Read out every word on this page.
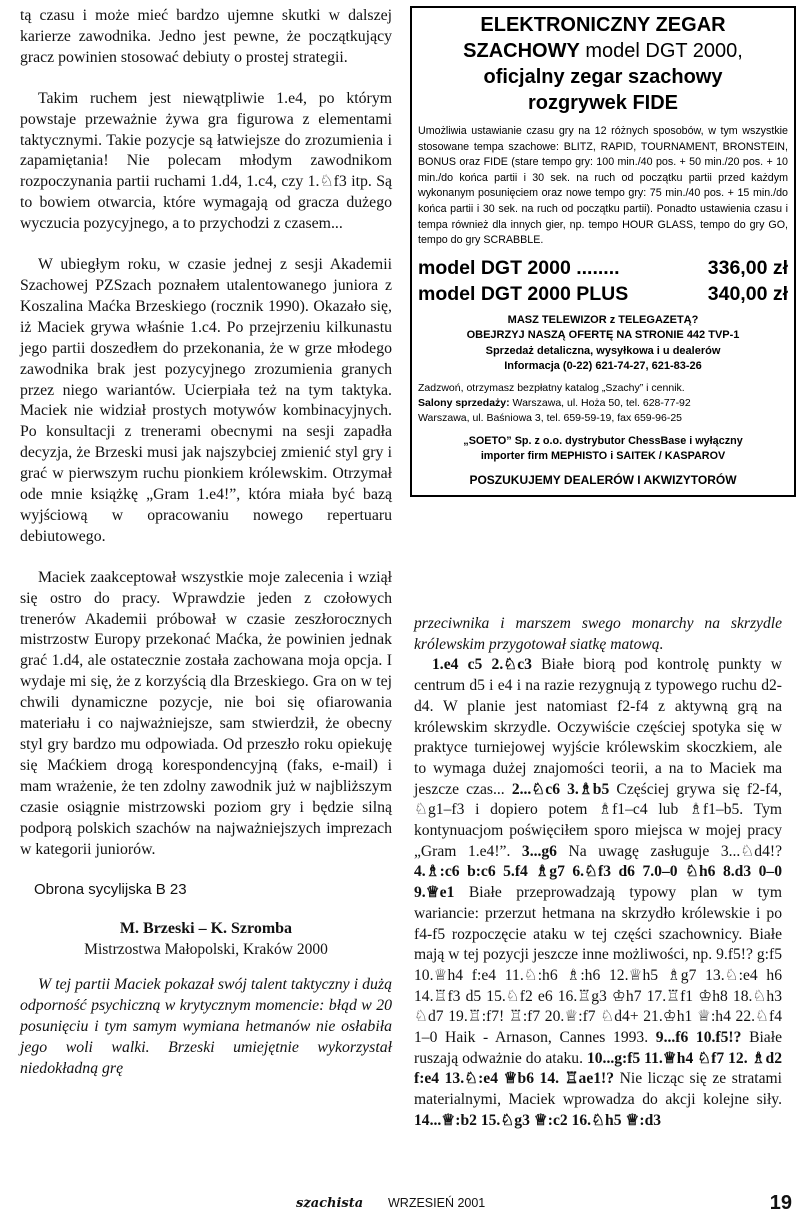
tą czasu i może mieć bardzo ujemne skutki w dalszej karierze zawodnika. Jedno jest pewne, że początkujący gracz powinien stosować debiuty o prostej strategii.

Takim ruchem jest niewątpliwie 1.e4, po którym powstaje przeważnie żywa gra figurowa z elementami taktycznymi. Takie pozycje są łatwiejsze do zrozumienia i zapamiętania! Nie polecam młodym zawodnikom rozpoczynania partii ruchami 1.d4, 1.c4, czy 1.♘f3 itp. Są to bowiem otwarcia, które wymagają od gracza dużego wyczucia pozycyjnego, a to przychodzi z czasem...

W ubiegłym roku, w czasie jednej z sesji Akademii Szachowej PZSzach poznałem utalentowanego juniora z Koszalina Maćka Brzeskiego (rocznik 1990). Okazało się, iż Maciek grywa właśnie 1.c4. Po przejrzeniu kilkunastu jego partii doszedłem do przekonania, że w grze młodego zawodnika brak jest pozycyjnego zrozumienia granych przez niego wariantów. Ucierpiała też na tym taktyka. Maciek nie widział prostych motywów kombinacyjnych. Po konsultacji z trenerami obecnymi na sesji zapadła decyzja, że Brzeski musi jak najszybciej zmienić styl gry i grać w pierwszym ruchu pionkiem królewskim. Otrzymał ode mnie książkę „Gram 1.e4!”, która miała być bazą wyjściową w opracowaniu nowego repertuaru debiutowego.

Maciek zaakceptował wszystkie moje zalecenia i wziął się ostro do pracy. Wprawdzie jeden z czołowych trenerów Akademii próbował w czasie zeszłorocznych mistrzostw Europy przekonać Maćka, że powinien jednak grać 1.d4, ale ostatecznie została zachowana moja opcja. I wydaje mi się, że z korzyścią dla Brzeskiego. Gra on w tej chwili dynamiczne pozycje, nie boi się ofiarowania materiału i co najważniejsze, sam stwierdził, że obecny styl gry bardzo mu odpowiada. Od przeszło roku opiekuję się Maćkiem drogą korespondencyjną (faks, e-mail) i mam wrażenie, że ten zdolny zawodnik już w najbliższym czasie osiągnie mistrzowski poziom gry i będzie silną podporą polskich szachów na najważniejszych imprezach w kategorii juniorów.

Obrona sycylijska B 23
M. Brzeski – K. Szromba
Mistrzostwa Małopolski, Kraków 2000

W tej partii Maciek pokazał swój talent taktyczny i dużą odporność psychiczną w krytycznym momencie: błąd w 20 posunięciu i tym samym wymiana hetmanów nie osłabiła jego woli walki. Brzeski umiejętnie wykorzystał niedokładną grę

ELEKTRONICZNY ZEGAR
SZACHOWY model DGT 2000,
oficjalny zegar szachowy
rozgrywek FIDE
Umożliwia ustawianie czasu gry na 12 różnych sposobów, w tym wszystkie stosowane tempa szachowe: BLITZ, RAPID, TOURNAMENT, BRONSTEIN, BONUS oraz FIDE (stare tempo gry: 100 min./40 pos. + 50 min./20 pos. + 10 min./do końca partii i 30 sek. na ruch od początku partii przed każdym wykonanym posunięciem oraz nowe tempo gry: 75 min./40 pos. + 15 min./do końca partii i 30 sek. na ruch od początku partii). Ponadto ustawienia czasu i tempa również dla innych gier, np. tempo HOUR GLASS, tempo do gry GO, tempo do gry SCRABBLE.
model DGT 2000 ........	336,00 zł
model DGT 2000 PLUS	340,00 zł
MASZ TELEWIZOR z TELEGAZETĄ?
OBEJRZYJ NASZĄ OFERTĘ NA STRONIE 442 TVP-1
Sprzedaż detaliczna, wysyłkowa i u dealerów
Informacja (0-22) 621-74-27, 621-83-26
Zadzwoń, otrzymasz bezpłatny katalog „Szachy” i cennik.
Salony sprzedaży: Warszawa, ul. Hoża 50, tel. 628-77-92
Warszawa, ul. Baśniowa 3, tel. 659-59-19, fax 659-96-25
„SOETO” Sp. z o.o. dystrybutor ChessBase i wyłączny
importer firm MEPHISTO i SAITEK / KASPAROV
POSZUKUJEMY DEALERÓW I AKWIZYTORÓW

przeciwnika i marszem swego monarchy na skrzydle królewskim przygotował siatkę matową.

1.e4 c5 2.♘c3 Białe biorą pod kontrolę punkty w centrum d5 i e4 i na razie rezygnują z typowego ruchu d2-d4. W planie jest natomiast f2-f4 z aktywną grą na królewskim skrzydle. Oczywiście częściej spotyka się w praktyce turniejowej wyjście królewskim skoczkiem, ale to wymaga dużej znajomości teorii, a na to Maciek ma jeszcze czas... 2...♘c6 3.♗b5 Częściej grywa się f2-f4, ♘g1–f3 i dopiero potem ♗f1–c4 lub ♗f1–b5. Tym kontynuacjom poświęciłem sporo miejsca w mojej pracy „Gram 1.e4!”. 3...g6 Na uwagę zasługuje 3...♘d4!? 4.♗:c6 b:c6 5.f4 ♗g7 6.♘f3 d6 7.0–0 ♘h6 8.d3 0–0 9.♕e1 Białe przeprowadzają typowy plan w tym wariancie: przerzut hetmana na skrzydło królewskie i po f4-f5 rozpoczęcie ataku w tej części szachownicy. Białe mają w tej pozycji jeszcze inne możliwości, np. 9.f5!? g:f5 10.♕h4 f:e4 11.♘:h6 ♗:h6 12.♕h5 ♗g7 13.♘:e4 h6 14.♖f3 d5 15.♘f2 e6 16.♖g3 ♔h7 17.♖f1 ♔h8 18.♘h3 ♘d7 19.♖:f7! ♖:f7 20.♕:f7 ♘d4+ 21.♔h1 ♕:h4 22.♘f4 1–0 Haik - Arnason, Cannes 1993. 9...f6 10.f5!? Białe ruszają odważnie do ataku. 10...g:f5 11.♕h4 ♘f7 12. ♗d2 f:e4 13.♘:e4 ♕b6 14. ♖ae1!? Nie licząc się ze stratami materialnymi, Maciek wprowadza do akcji kolejne siły. 14...♕:b2 15.♘g3 ♕:c2 16.♘h5 ♕:d3

szachista WRZESIEŃ 2001	19
